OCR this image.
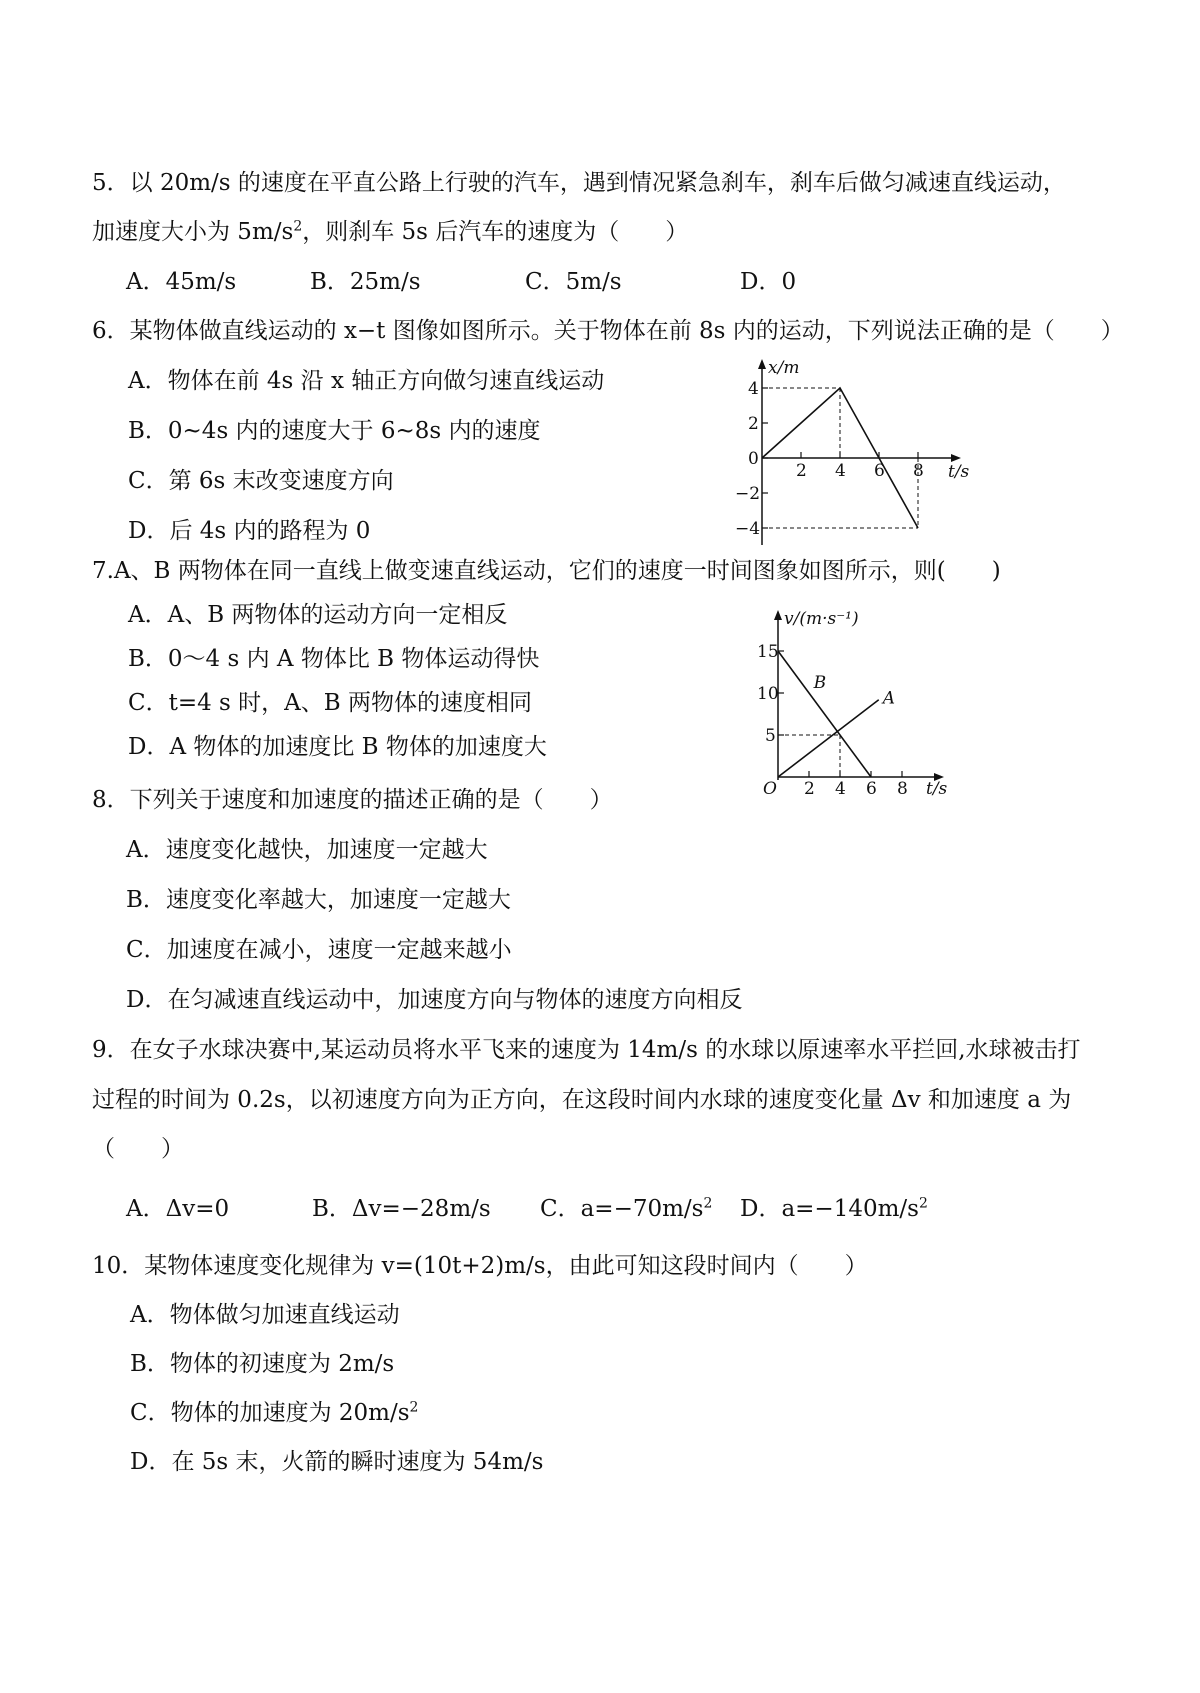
5．以 20m/s 的速度在平直公路上行驶的汽车，遇到情况紧急刹车，刹车后做匀减速直线运动，
加速度大小为 $5m/s^2$，则刹车 5s 后汽车的速度为（　　）
A．45m/s	B．25m/s	C．5m/s	D．0
6．某物体做直线运动的 x−t 图像如图所示。关于物体在前 8s 内的运动，下列说法正确的是（　　）
A．物体在前 4s 沿 x 轴正方向做匀速直线运动
B．0~4s 内的速度大于 6~8s 内的速度
C．第 6s 末改变速度方向
D．后 4s 内的路程为 0
2 4 6 8
4
2
0
−2
−4
x/m
t/s
7.A、B 两物体在同一直线上做变速直线运动，它们的速度一时间图象如图所示，则(　　)
A．A、B 两物体的运动方向一定相反
B．0～4 s 内 A 物体比 B 物体运动得快
C．t=4 s 时，A、B 两物体的速度相同
D．A 物体的加速度比 B 物体的加速度大
2 4 6 8
15
10
5
A
B
v/(m·s⁻¹)
t/s
O
8．下列关于速度和加速度的描述正确的是（　　）
A．速度变化越快，加速度一定越大
B．速度变化率越大，加速度一定越大
C．加速度在减小，速度一定越来越小
D．在匀减速直线运动中，加速度方向与物体的速度方向相反
9．在女子水球决赛中,某运动员将水平飞来的速度为 14m/s 的水球以原速率水平拦回,水球被击打
过程的时间为 0.2s，以初速度方向为正方向，在这段时间内水球的速度变化量 Δv 和加速度 a 为
（　　）
A．Δv=0	B．Δv=−28m/s C．$a=-70m/s^2$ D．$a=-140m/s^2$
10．某物体速度变化规律为 v=(10t+2)m/s，由此可知这段时间内（　　）
A．物体做匀加速直线运动
B．物体的初速度为 2m/s
C．物体的加速度为 $20m/s^2$
D．在 5s 末，火箭的瞬时速度为 54m/s
